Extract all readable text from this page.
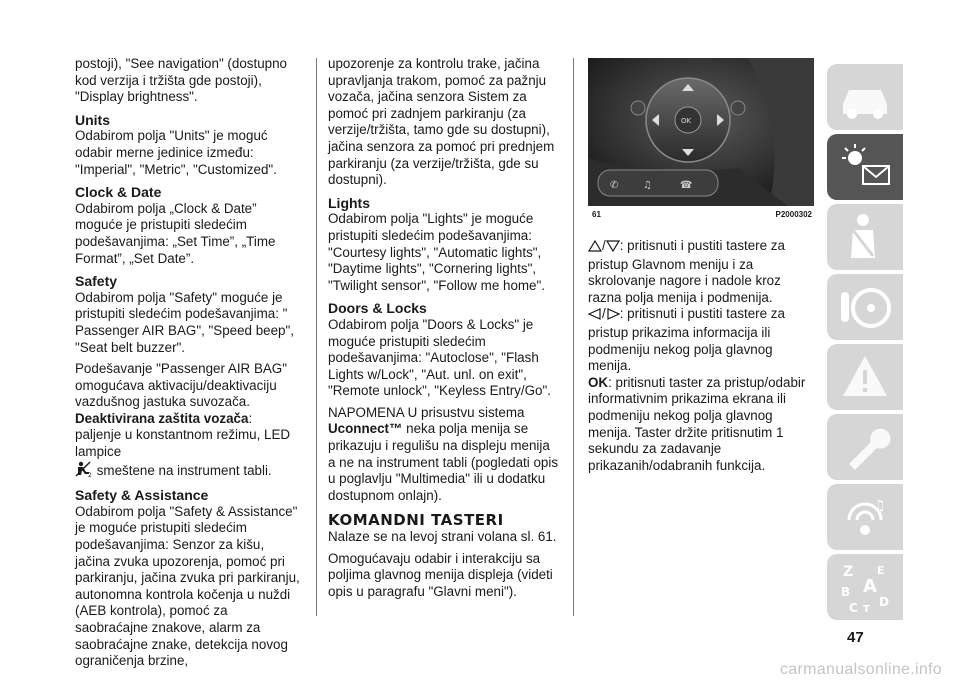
postoji), "See navigation" (dostupno kod verzija i tržišta gde postoji), "Display brightness".

Units

Odabirom polja "Units" je moguć odabir merne jedinice između: "Imperial", "Metric", "Customized".

Clock & Date

Odabirom polja „Clock & Date” moguće je pristupiti sledećim podešavanjima: „Set Time”, „Time Format”, „Set Date”.

Safety

Odabirom polja "Safety" moguće je pristupiti sledećim podešavanjima: " Passenger AIR BAG", "Speed beep", "Seat belt buzzer".

Podešavanje "Passenger AIR BAG" omogućava aktivaciju/deaktivaciju vazdušnog jastuka suvozača.

Deaktivirana zaštita vozača: paljenje u konstantnom režimu, LED lampice

2 smeštene na instrument tabli.

Safety & Assistance

Odabirom polja "Safety & Assistance" je moguće pristupiti sledećim podešavanjima: Senzor za kišu, jačina zvuka upozorenja, pomoć pri parkiranju, jačina zvuka pri parkiranju, autonomna kontrola kočenja u nuždi (AEB kontrola), pomoć za saobraćajne znakove, alarm za saobraćajne znake, detekcija novog ograničenja brzine,

upozorenje za kontrolu trake, jačina upravljanja trakom, pomoć za pažnju vozača, jačina senzora Sistem za pomoć pri zadnjem parkiranju (za verzije/tržišta, tamo gde su dostupni), jačina senzora za pomoć pri prednjem parkiranju (za verzije/tržišta, gde su dostupni).

Lights

Odabirom polja "Lights" je moguće pristupiti sledećim podešavanjima: "Courtesy lights", "Automatic lights", "Daytime lights", "Cornering lights", "Twilight sensor", "Follow me home".

Doors & Locks

Odabirom polja "Doors & Locks" je moguće pristupiti sledećim podešavanjima: "Autoclose", "Flash Lights w/Lock", "Aut. unl. on exit", "Remote unlock", "Keyless Entry/Go".

NAPOMENA U prisustvu sistema
Uconnect™ neka polja menija se prikazuju i regulišu na displeju menija a ne na instrument tabli (pogledati opis u poglavlju "Multimedia" ili u dodatku dostupnom onlajn).

KOMANDNI TASTERI

Nalaze se na levoj strani volana sl. 61.

Omogućavaju odabir i interakciju sa poljima glavnog menija displeja (videti opis u paragrafu "Glavni meni").

OK
✆ ♫	☎
61	P2000302

/ : pritisnuti i pustiti tastere za pristup Glavnom meniju i za skrolovanje nagore i nadole kroz razna polja menija i podmenija.

/ : pritisnuti i pustiti tastere za pristup prikazima informacija ili podmeniju nekog polja glavnog menija.

OK: pritisnuti taster za pristup/odabir informativnim prikazima ekrana ili podmeniju nekog polja glavnog menija. Taster držite pritisnutim 1 sekundu za zadavanje prikazanih/odabranih funkcija.

♫
Z E
A
B
C D
T
47
carmanualsonline.info
